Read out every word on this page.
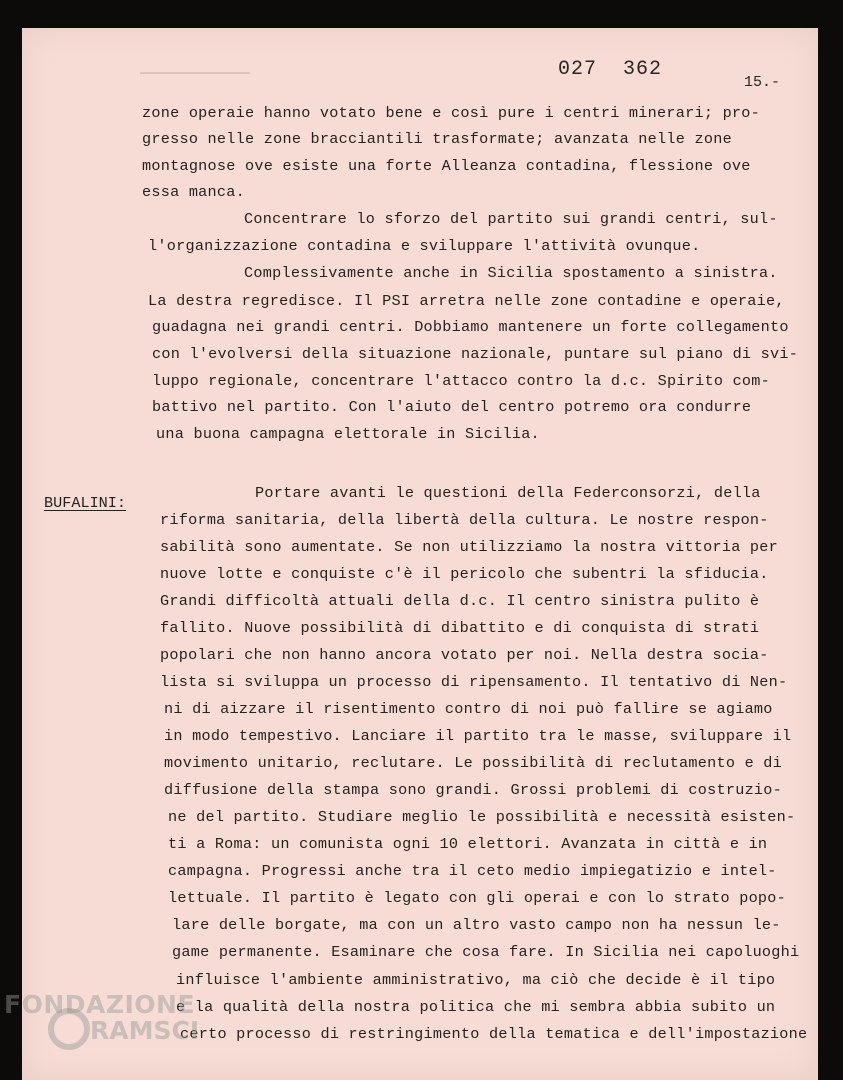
027  362
15.-
zone operaie hanno votato bene e così pure i centri minerari; pro-
gresso nelle zone bracciantili trasformate; avanzata nelle zone
montagnose ove esiste una forte Alleanza contadina, flessione ove
essa manca.
Concentrare lo sforzo del partito sui grandi centri, sul-
l'organizzazione contadina e sviluppare l'attività ovunque.
Complessivamente anche in Sicilia spostamento a sinistra.
La destra regredisce. Il PSI arretra nelle zone contadine e operaie,
guadagna nei grandi centri. Dobbiamo mantenere un forte collegamento
con l'evolversi della situazione nazionale, puntare sul piano di svi-
luppo regionale, concentrare l'attacco contro la d.c. Spirito com-
battivo nel partito. Con l'aiuto del centro potremo ora condurre
una buona campagna elettorale in Sicilia.
BUFALINI:
Portare avanti le questioni della Federconsorzi, della
riforma sanitaria, della libertà della cultura. Le nostre respon-
sabilità sono aumentate. Se non utilizziamo la nostra vittoria per
nuove lotte e conquiste c'è il pericolo che subentri la sfiducia.
Grandi difficoltà attuali della d.c. Il centro sinistra pulito è
fallito. Nuove possibilità di dibattito e di conquista di strati
popolari che non hanno ancora votato per noi. Nella destra socia-
lista si sviluppa un processo di ripensamento. Il tentativo di Nen-
ni di aizzare il risentimento contro di noi può fallire se agiamo
in modo tempestivo. Lanciare il partito tra le masse, sviluppare il
movimento unitario, reclutare. Le possibilità di reclutamento e di
diffusione della stampa sono grandi. Grossi problemi di costruzio-
ne del partito. Studiare meglio le possibilità e necessità esisten-
ti a Roma: un comunista ogni 10 elettori. Avanzata in città e in
campagna. Progressi anche tra il ceto medio impiegatizio e intel-
lettuale. Il partito è legato con gli operai e con lo strato popo-
lare delle borgate, ma con un altro vasto campo non ha nessun le-
game permanente. Esaminare che cosa fare. In Sicilia nei capoluoghi
influisce l'ambiente amministrativo, ma ciò che decide è il tipo
e la qualità della nostra politica che mi sembra abbia subito un
certo processo di restringimento della tematica e dell'impostazione
FONDAZIONE
RAMSCI
